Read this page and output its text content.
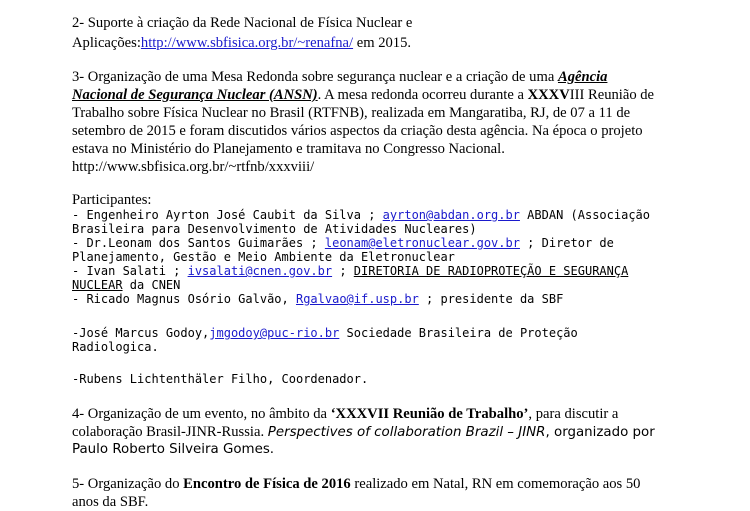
2- Suporte à criação da Rede Nacional de Física Nuclear e
Aplicações:http://www.sbfisica.org.br/~renafna/ em 2015.
3- Organização de uma Mesa Redonda sobre segurança nuclear e a criação de uma Agência
Nacional de Segurança Nuclear (ANSN). A mesa redonda ocorreu durante a XXXVIII Reunião de
Trabalho sobre Física Nuclear no Brasil (RTFNB), realizada em Mangaratiba, RJ, de 07 a 11 de
setembro de 2015 e foram discutidos vários aspectos da criação desta agência. Na época o projeto
estava no Ministério do Planejamento e tramitava no Congresso Nacional.
http://www.sbfisica.org.br/~rtfnb/xxxviii/
Participantes:
- Engenheiro Ayrton José Caubit da Silva ; ayrton@abdan.org.br ABDAN (Associação
Brasileira para Desenvolvimento de Atividades Nucleares)
- Dr.Leonam dos Santos Guimarães ; leonam@eletronuclear.gov.br ; Diretor de
Planejamento, Gestão e Meio Ambiente da Eletronuclear
- Ivan Salati ; ivsalati@cnen.gov.br ; DIRETORIA DE RADIOPROTEÇÃO E SEGURANÇA
NUCLEAR da CNEN
- Ricado Magnus Osório Galvão, Rgalvao@if.usp.br ; presidente da SBF
-José Marcus Godoy,jmgodoy@puc-rio.br Sociedade Brasileira de Proteção
Radiologica.
-Rubens Lichtenthäler Filho, Coordenador.
4- Organização de um evento, no âmbito da ‘XXXVII Reunião de Trabalho’, para discutir a
colaboração Brasil-JINR-Russia. Perspectives of collaboration Brazil – JINR, organizado por
Paulo Roberto Silveira Gomes.
5- Organização do Encontro de Física de 2016 realizado em Natal, RN em comemoração aos 50
anos da SBF.
